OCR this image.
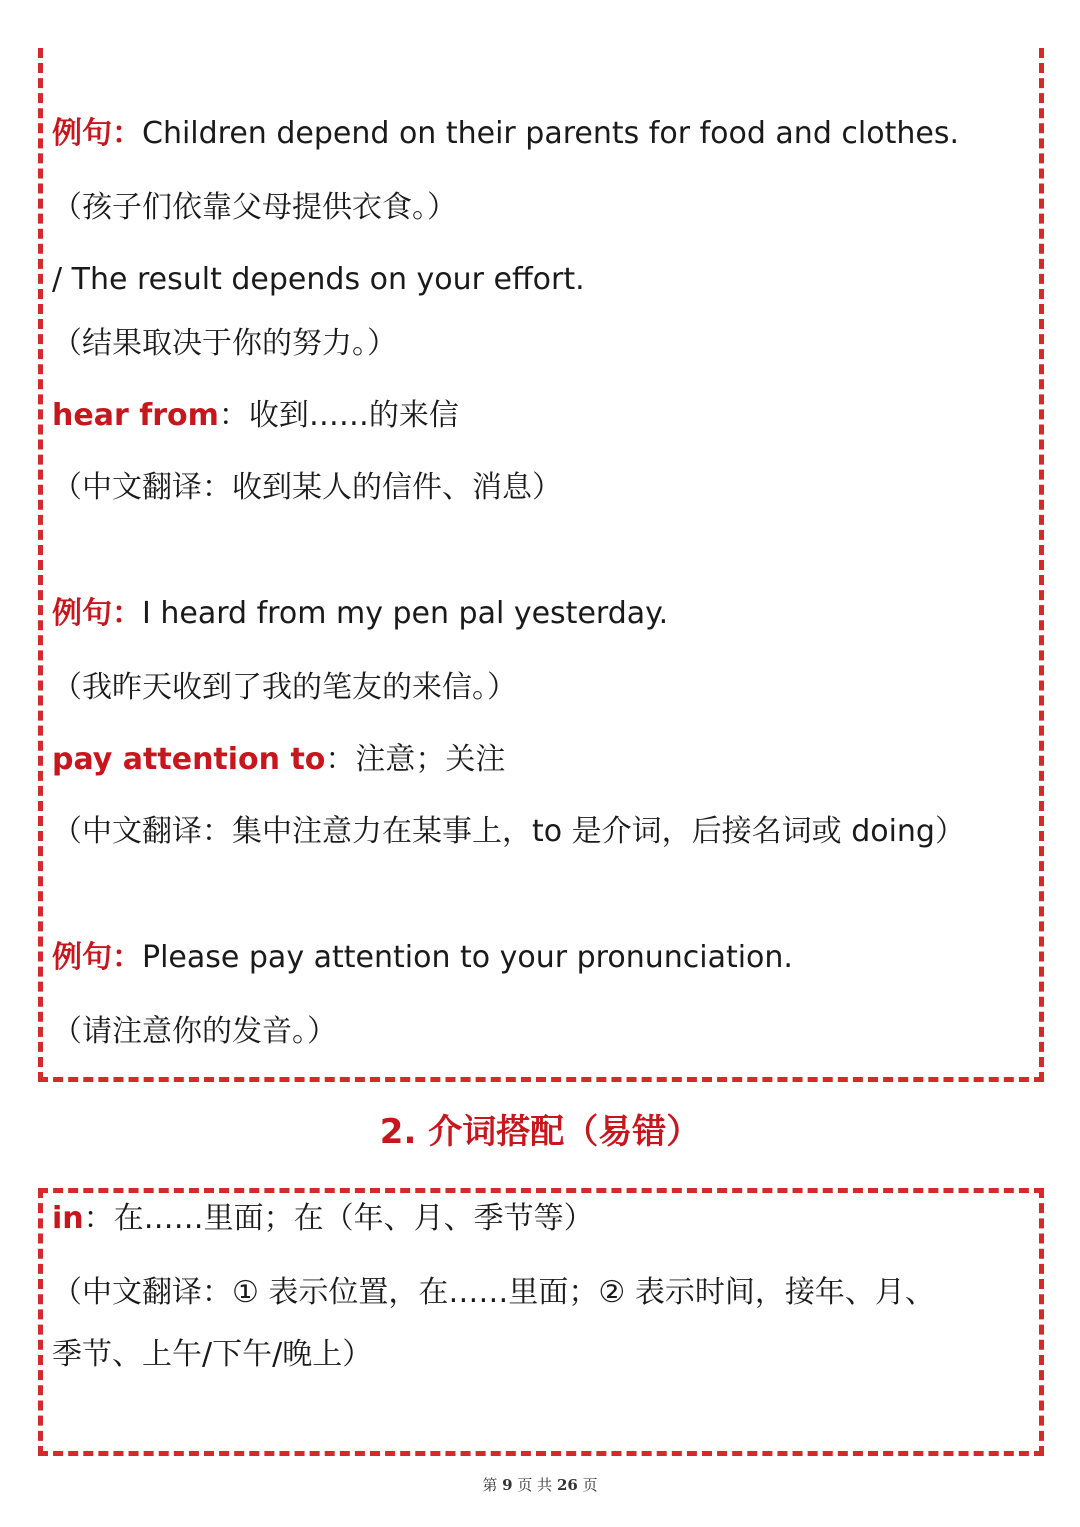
例句：Children depend on their parents for food and clothes.
（孩子们依靠父母提供衣食。）
/ The result depends on your effort.
（结果取决于你的努力。）
hear from：收到……的来信
（中文翻译：收到某人的信件、消息）
例句：I heard from my pen pal yesterday.
（我昨天收到了我的笔友的来信。）
pay attention to：注意；关注
（中文翻译：集中注意力在某事上，to 是介词，后接名词或 doing）
例句：Please pay attention to your pronunciation.
（请注意你的发音。）
2. 介词搭配（易错）
in：在……里面；在（年、月、季节等）
（中文翻译：① 表示位置，在……里面；② 表示时间，接年、月、
季节、上午/下午/晚上）
第 9 页 共 26 页
